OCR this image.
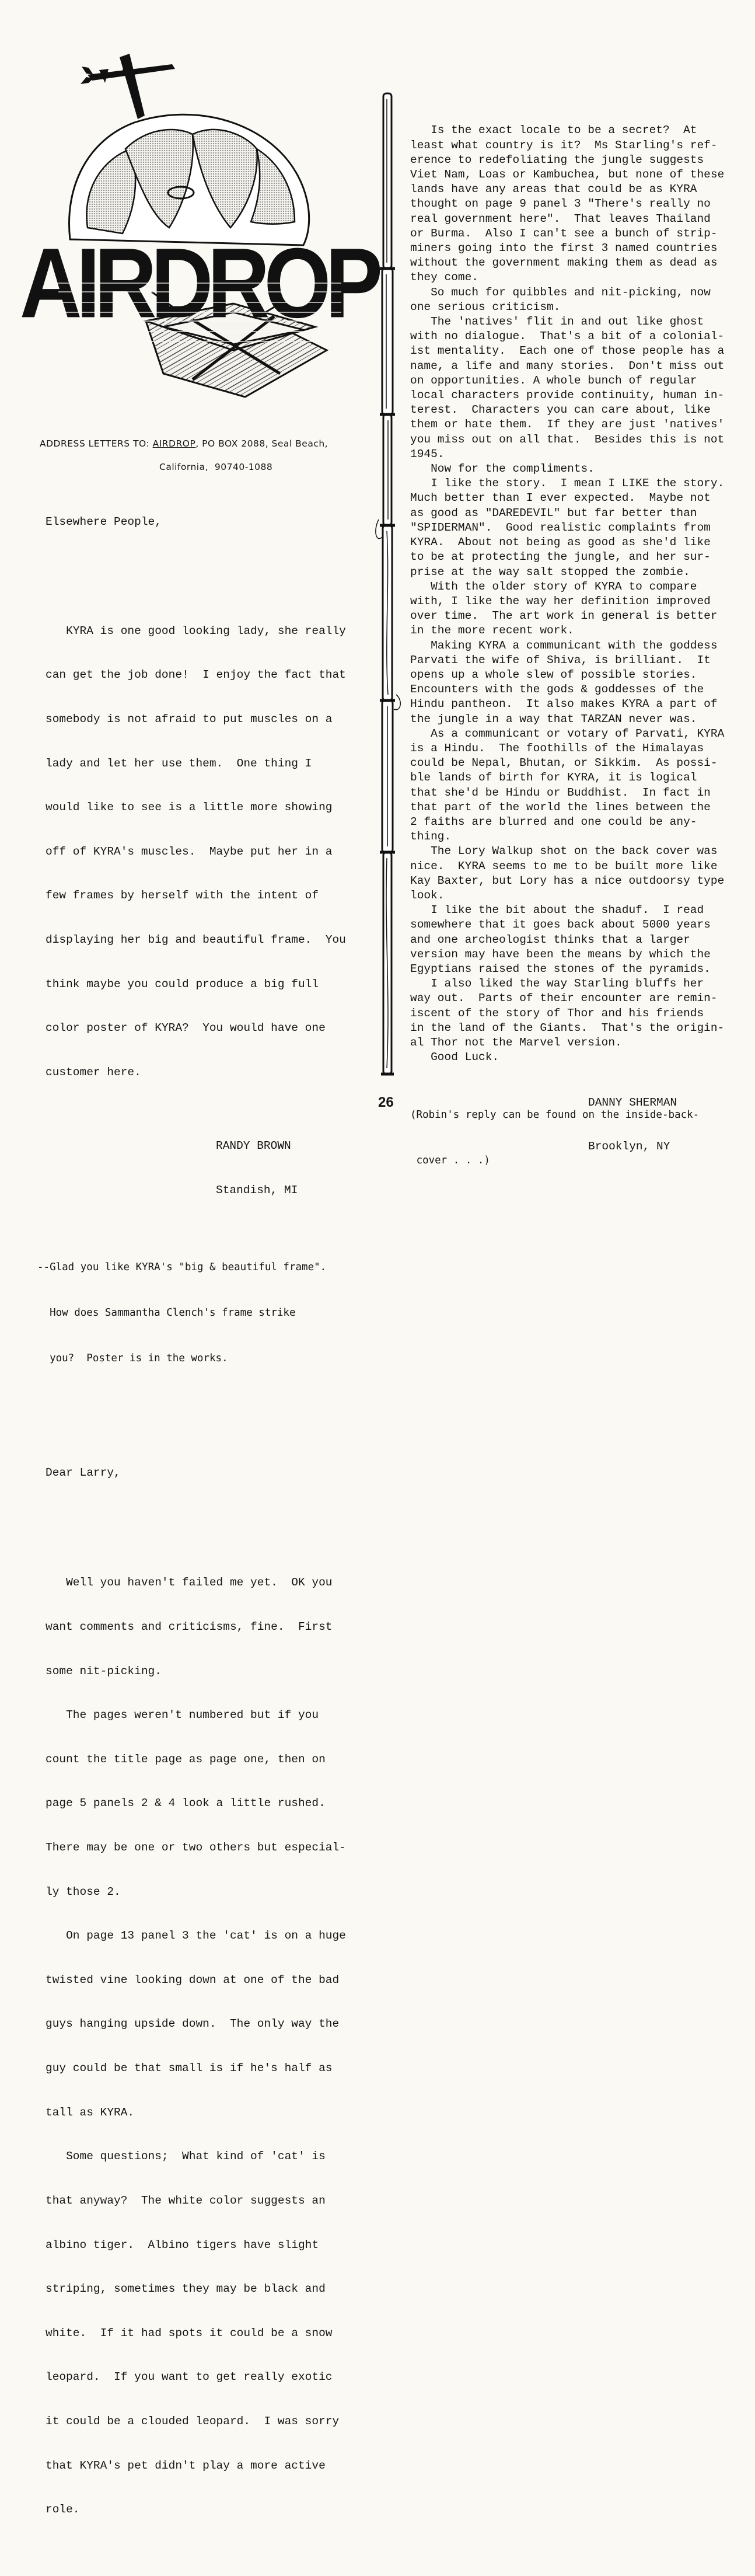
AIRDROP
ADDRESS LETTERS TO: AIRDROP, PO BOX 2088, Seal Beach,
California,  90740-1088

Elsewhere People,

KYRA is one good looking lady, she really

can get the job done!  I enjoy the fact that

somebody is not afraid to put muscles on a

lady and let her use them.  One thing I

would like to see is a little more showing

off of KYRA's muscles.  Maybe put her in a

few frames by herself with the intent of

displaying her big and beautiful frame.  You

think maybe you could produce a big full

color poster of KYRA?  You would have one

customer here.

RANDY BROWN

Standish, MI

--Glad you like KYRA's "big & beautiful frame".

How does Sammantha Clench's frame strike

you?  Poster is in the works.

Dear Larry,

Well you haven't failed me yet.  OK you

want comments and criticisms, fine.  First

some nit-picking.

The pages weren't numbered but if you

count the title page as page one, then on

page 5 panels 2 & 4 look a little rushed.

There may be one or two others but especial-

ly those 2.

On page 13 panel 3 the 'cat' is on a huge

twisted vine looking down at one of the bad

guys hanging upside down.  The only way the

guy could be that small is if he's half as

tall as KYRA.

Some questions;  What kind of 'cat' is

that anyway?  The white color suggests an

albino tiger.  Albino tigers have slight

striping, sometimes they may be black and

white.  If it had spots it could be a snow

leopard.  If you want to get really exotic

it could be a clouded leopard.  I was sorry

that KYRA's pet didn't play a more active

role.

Is the exact locale to be a secret?  At

least what country is it?  Ms Starling's ref-

erence to redefoliating the jungle suggests

Viet Nam, Loas or Kambuchea, but none of these

lands have any areas that could be as KYRA

thought on page 9 panel 3 "There's really no

real government here".  That leaves Thailand

or Burma.  Also I can't see a bunch of strip-

miners going into the first 3 named countries

without the government making them as dead as

they come.

So much for quibbles and nit-picking, now

one serious criticism.

The 'natives' flit in and out like ghost

with no dialogue.  That's a bit of a colonial-

ist mentality.  Each one of those people has a

name, a life and many stories.  Don't miss out

on opportunities. A whole bunch of regular

local characters provide continuity, human in-

terest.  Characters you can care about, like

them or hate them.  If they are just 'natives'

you miss out on all that.  Besides this is not

1945.

Now for the compliments.

I like the story.  I mean I LIKE the story.

Much better than I ever expected.  Maybe not

as good as "DAREDEVIL" but far better than

"SPIDERMAN".  Good realistic complaints from

KYRA.  About not being as good as she'd like

to be at protecting the jungle, and her sur-

prise at the way salt stopped the zombie.

With the older story of KYRA to compare

with, I like the way her definition improved

over time.  The art work in general is better

in the more recent work.

Making KYRA a communicant with the goddess

Parvati the wife of Shiva, is brilliant.  It

opens up a whole slew of possible stories.

Encounters with the gods & goddesses of the

Hindu pantheon.  It also makes KYRA a part of

the jungle in a way that TARZAN never was.

As a communicant or votary of Parvati, KYRA

is a Hindu.  The foothills of the Himalayas

could be Nepal, Bhutan, or Sikkim.  As possi-

ble lands of birth for KYRA, it is logical

that she'd be Hindu or Buddhist.  In fact in

that part of the world the lines between the

2 faiths are blurred and one could be any-

thing.

The Lory Walkup shot on the back cover was

nice.  KYRA seems to me to be built more like

Kay Baxter, but Lory has a nice outdoorsy type

look.

I like the bit about the shaduf.  I read

somewhere that it goes back about 5000 years

and one archeologist thinks that a larger

version may have been the means by which the

Egyptians raised the stones of the pyramids.

I also liked the way Starling bluffs her

way out.  Parts of their encounter are remin-

iscent of the story of Thor and his friends

in the land of the Giants.  That's the origin-

al Thor not the Marvel version.

Good Luck.

DANNY SHERMAN

Brooklyn, NY

(Robin's reply can be found on the inside-back-

cover . . .)

26
